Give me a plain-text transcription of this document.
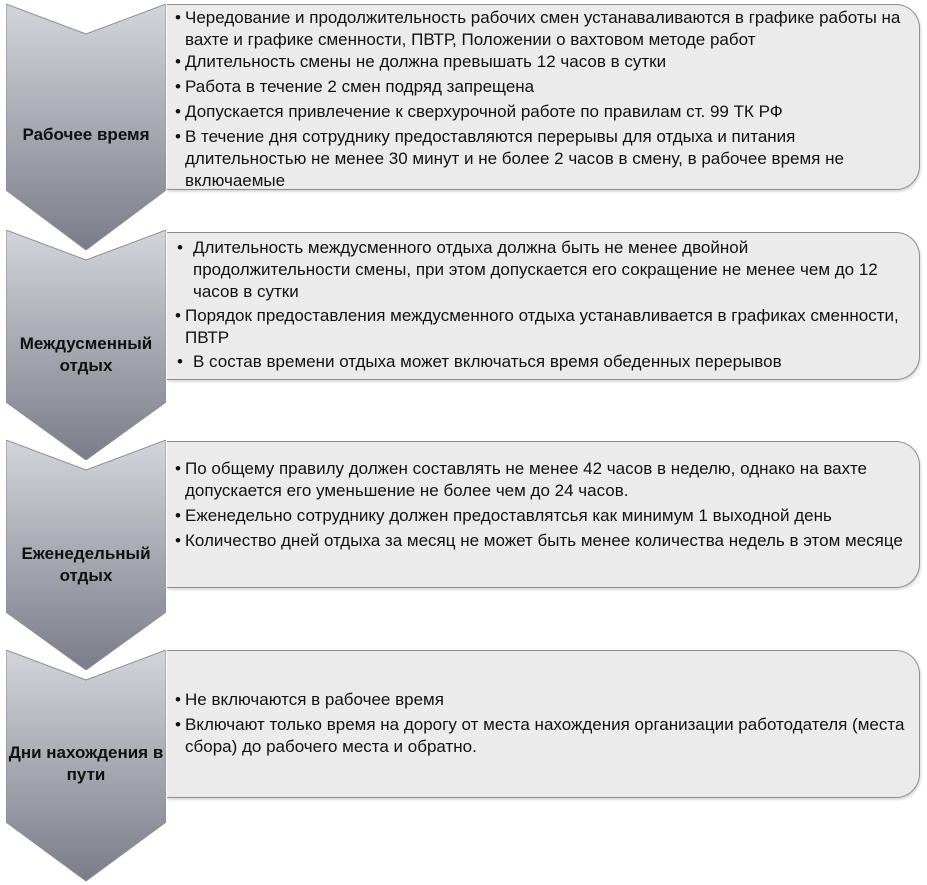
Рабочее время
• Чередование и продолжительность рабочих смен устанаваливаются в графике работы на вахте и графике сменности, ПВТР, Положении о вахтовом методе работ
• Длительность смены не должна превышать 12 часов в сутки
• Работа в течение 2 смен подряд запрещена
• Допускается привлечение к сверхурочной работе по правилам ст. 99 ТК РФ
• В течение дня сотруднику предоставляются перерывы для отдыха и питания длительностью не менее 30 минут и не более 2 часов в смену, в рабочее время не включаемые
Междусменный отдых
• Длительность междусменного отдыха должна быть не менее двойной продолжительности смены, при этом допускается его сокращение не менее чем до 12 часов в сутки
• Порядок предоставления междусменного отдыха устанавливается в графиках сменности, ПВТР
• В состав времени отдыха может включаться время обеденных перерывов
Еженедельный отдых
• По общему правилу должен составлять не менее 42 часов в неделю, однако на вахте допускается его уменьшение не более чем до 24 часов.
• Еженедельно сотруднику должен предоставлятсья как минимум 1 выходной день
• Количество дней отдыха за месяц не может быть менее количества недель в этом месяце
Дни нахождения в пути
• Не включаются в рабочее время
• Включают только время на дорогу от места нахождения организации работодателя (места сбора) до рабочего места и обратно.
